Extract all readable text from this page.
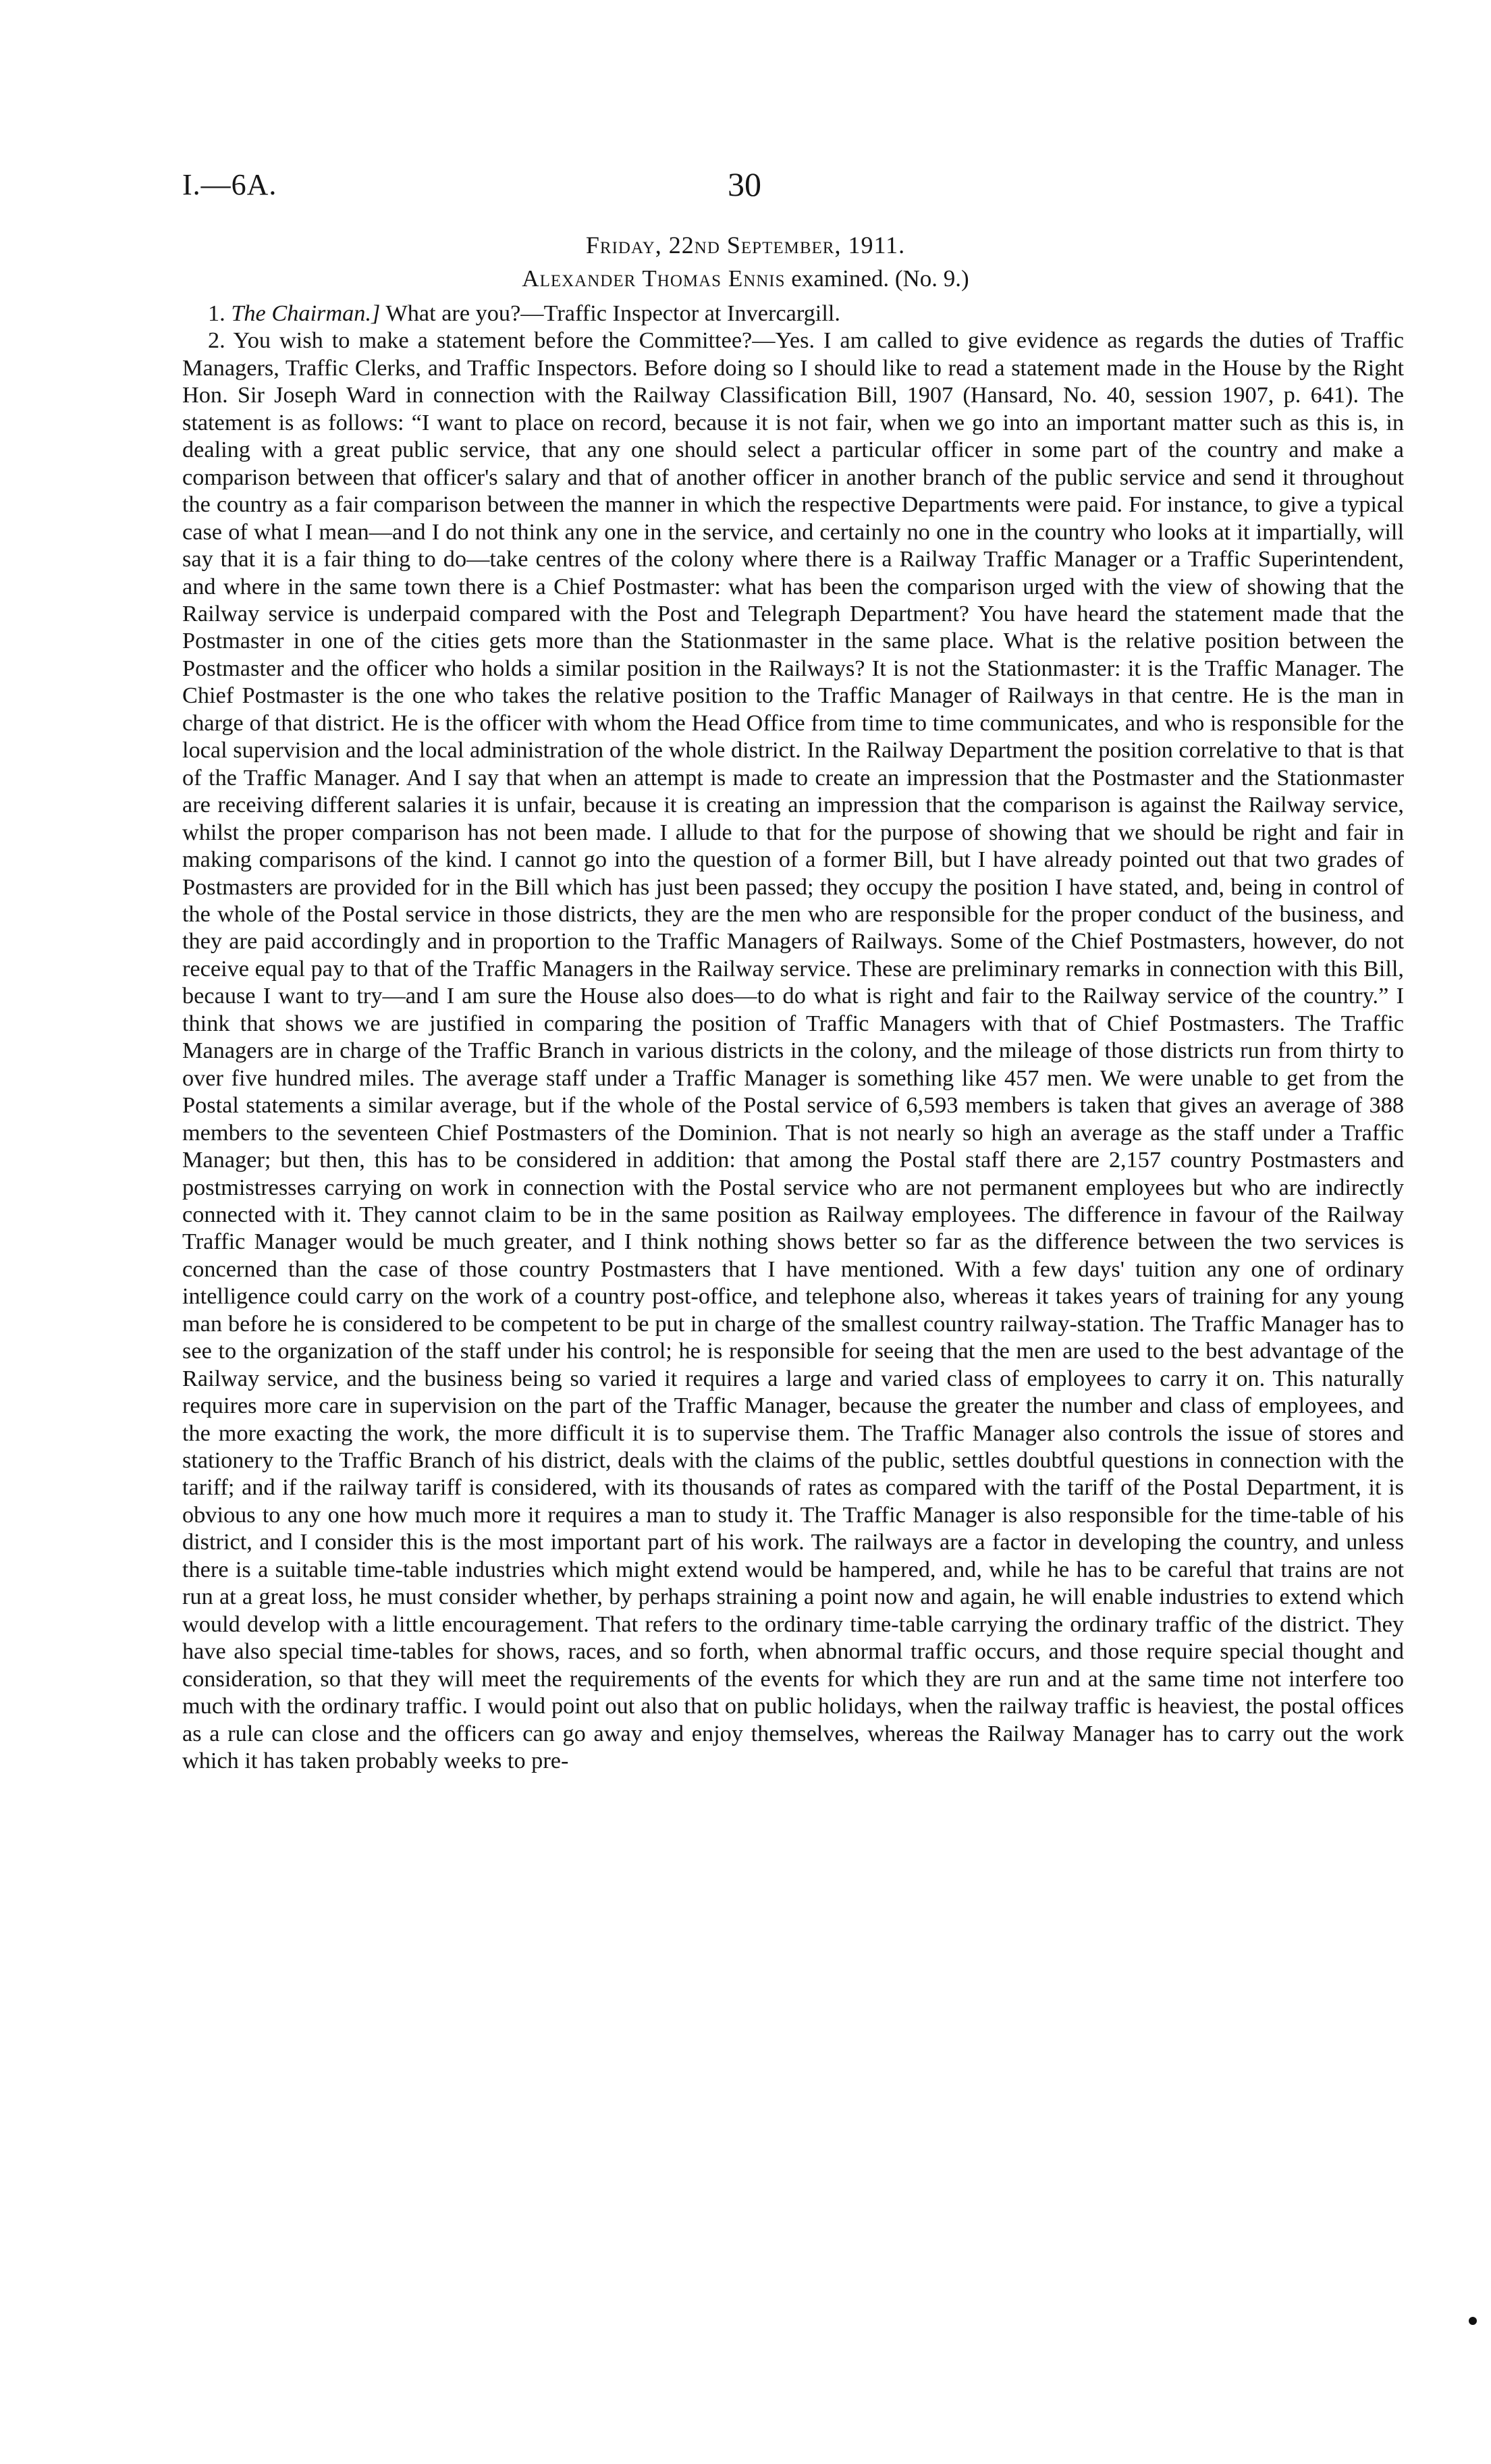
I.—6A.	30
Friday, 22nd September, 1911.
Alexander Thomas Ennis examined. (No. 9.)

1. The Chairman.] What are you?—Traffic Inspector at Invercargill.

2. You wish to make a statement before the Committee?—Yes. I am called to give evidence as regards the duties of Traffic Managers, Traffic Clerks, and Traffic Inspectors. Before doing so I should like to read a statement made in the House by the Right Hon. Sir Joseph Ward in connection with the Railway Classification Bill, 1907 (Hansard, No. 40, session 1907, p. 641). The statement is as follows: “I want to place on record, because it is not fair, when we go into an important matter such as this is, in dealing with a great public service, that any one should select a particular officer in some part of the country and make a comparison between that officer's salary and that of another officer in another branch of the public service and send it throughout the country as a fair comparison between the manner in which the respective Departments were paid. For instance, to give a typical case of what I mean—and I do not think any one in the service, and certainly no one in the country who looks at it impartially, will say that it is a fair thing to do—take centres of the colony where there is a Railway Traffic Manager or a Traffic Superintendent, and where in the same town there is a Chief Postmaster: what has been the comparison urged with the view of showing that the Railway service is underpaid compared with the Post and Telegraph Department? You have heard the statement made that the Postmaster in one of the cities gets more than the Stationmaster in the same place. What is the relative position between the Postmaster and the officer who holds a similar position in the Railways? It is not the Stationmaster: it is the Traffic Manager. The Chief Postmaster is the one who takes the relative position to the Traffic Manager of Railways in that centre. He is the man in charge of that district. He is the officer with whom the Head Office from time to time communicates, and who is responsible for the local supervision and the local administration of the whole district. In the Railway Department the position correlative to that is that of the Traffic Manager. And I say that when an attempt is made to create an impression that the Postmaster and the Stationmaster are receiving different salaries it is unfair, because it is creating an impression that the comparison is against the Railway service, whilst the proper comparison has not been made. I allude to that for the purpose of showing that we should be right and fair in making comparisons of the kind. I cannot go into the question of a former Bill, but I have already pointed out that two grades of Postmasters are provided for in the Bill which has just been passed; they occupy the position I have stated, and, being in control of the whole of the Postal service in those districts, they are the men who are responsible for the proper conduct of the business, and they are paid accordingly and in proportion to the Traffic Managers of Railways. Some of the Chief Postmasters, however, do not receive equal pay to that of the Traffic Managers in the Railway service. These are preliminary remarks in connection with this Bill, because I want to try—and I am sure the House also does—to do what is right and fair to the Railway service of the country.” I think that shows we are justified in comparing the position of Traffic Managers with that of Chief Postmasters. The Traffic Managers are in charge of the Traffic Branch in various districts in the colony, and the mileage of those districts run from thirty to over five hundred miles. The average staff under a Traffic Manager is something like 457 men. We were unable to get from the Postal statements a similar average, but if the whole of the Postal service of 6,593 members is taken that gives an average of 388 members to the seventeen Chief Postmasters of the Dominion. That is not nearly so high an average as the staff under a Traffic Manager; but then, this has to be considered in addition: that among the Postal staff there are 2,157 country Postmasters and postmistresses carrying on work in connection with the Postal service who are not permanent employees but who are indirectly connected with it. They cannot claim to be in the same position as Railway employees. The difference in favour of the Railway Traffic Manager would be much greater, and I think nothing shows better so far as the difference between the two services is concerned than the case of those country Postmasters that I have mentioned. With a few days' tuition any one of ordinary intelligence could carry on the work of a country post-office, and telephone also, whereas it takes years of training for any young man before he is considered to be competent to be put in charge of the smallest country railway-station. The Traffic Manager has to see to the organization of the staff under his control; he is responsible for seeing that the men are used to the best advantage of the Railway service, and the business being so varied it requires a large and varied class of employees to carry it on. This naturally requires more care in supervision on the part of the Traffic Manager, because the greater the number and class of employees, and the more exacting the work, the more difficult it is to supervise them. The Traffic Manager also controls the issue of stores and stationery to the Traffic Branch of his district, deals with the claims of the public, settles doubtful questions in connection with the tariff; and if the railway tariff is considered, with its thousands of rates as compared with the tariff of the Postal Department, it is obvious to any one how much more it requires a man to study it. The Traffic Manager is also responsible for the time-table of his district, and I consider this is the most important part of his work. The railways are a factor in developing the country, and unless there is a suitable time-table industries which might extend would be hampered, and, while he has to be careful that trains are not run at a great loss, he must consider whether, by perhaps straining a point now and again, he will enable industries to extend which would develop with a little encouragement. That refers to the ordinary time-table carrying the ordinary traffic of the district. They have also special time-tables for shows, races, and so forth, when abnormal traffic occurs, and those require special thought and consideration, so that they will meet the requirements of the events for which they are run and at the same time not interfere too much with the ordinary traffic. I would point out also that on public holidays, when the railway traffic is heaviest, the postal offices as a rule can close and the officers can go away and enjoy themselves, whereas the Railway Manager has to carry out the work which it has taken probably weeks to pre-
